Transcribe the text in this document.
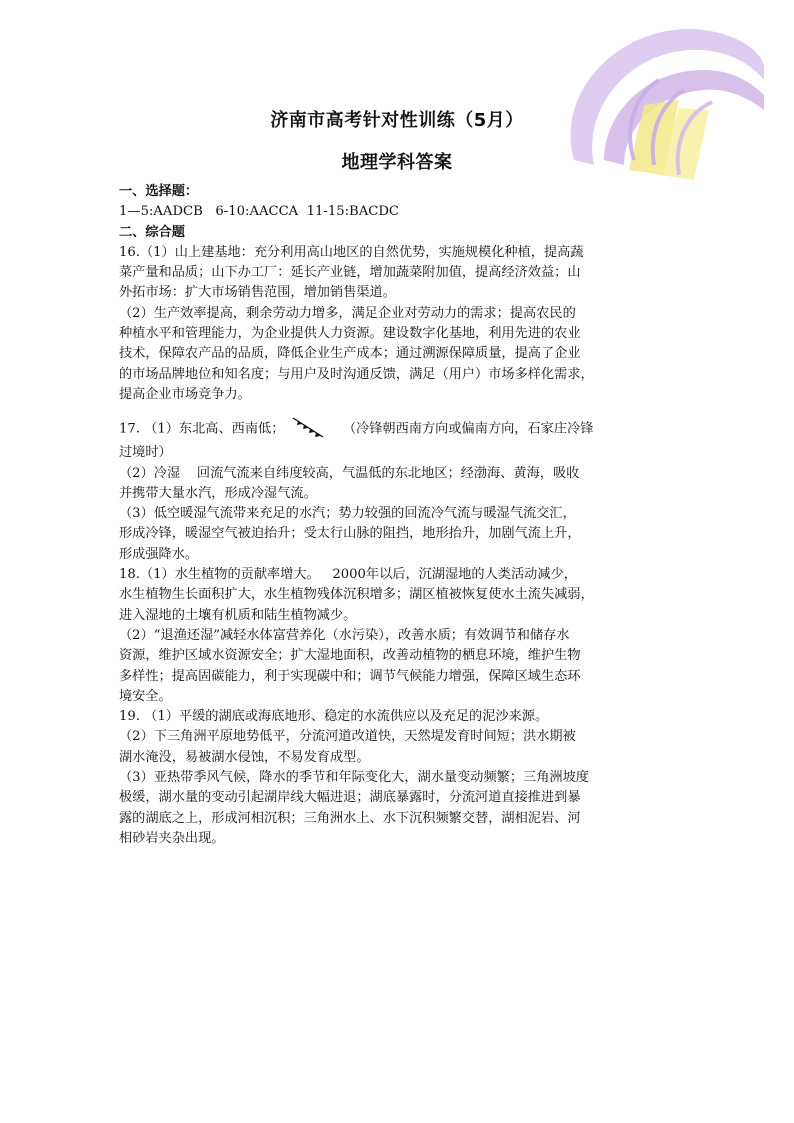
济南市高考针对性训练（5月）
地理学科答案
一、选择题：
1—5:AADCB   6-10:AACCA  11-15:BACDC
二、综合题
16.（1）山上建基地：充分利用高山地区的自然优势，实施规模化种植，提高蔬
菜产量和品质；山下办工厂：延长产业链，增加蔬菜附加值，提高经济效益；山
外拓市场：扩大市场销售范围，增加销售渠道。
（2）生产效率提高，剩余劳动力增多，满足企业对劳动力的需求；提高农民的
种植水平和管理能力，为企业提供人力资源。建设数字化基地，利用先进的农业
技术，保障农产品的品质，降低企业生产成本；通过溯源保障质量，提高了企业
的市场品牌地位和知名度；与用户及时沟通反馈，满足（用户）市场多样化需求，
提高企业市场竞争力。
17. （1）东北高、西南低；	（冷锋朝西南方向或偏南方向，石家庄冷锋
过境时）
（2）冷湿    回流气流来自纬度较高，气温低的东北地区；经渤海、黄海，吸收
并携带大量水汽，形成冷湿气流。
（3）低空暖湿气流带来充足的水汽；势力较强的回流冷气流与暖湿气流交汇，
形成冷锋，暖湿空气被迫抬升；受太行山脉的阻挡，地形抬升，加剧气流上升，
形成强降水。
18.（1）水生植物的贡献率增大。   2000年以后，沉湖湿地的人类活动减少，
水生植物生长面积扩大，水生植物残体沉积增多；湖区植被恢复使水土流失减弱，
进入湿地的土壤有机质和陆生植物减少。
（2）“退渔还湿”减轻水体富营养化（水污染），改善水质；有效调节和储存水
资源，维护区域水资源安全；扩大湿地面积，改善动植物的栖息环境，维护生物
多样性；提高固碳能力，利于实现碳中和；调节气候能力增强，保障区域生态环
境安全。
19. （1）平缓的湖底或海底地形、稳定的水流供应以及充足的泥沙来源。
（2）下三角洲平原地势低平，分流河道改道快，天然堤发育时间短；洪水期被
湖水淹没，易被湖水侵蚀，不易发育成型。
（3）亚热带季风气候，降水的季节和年际变化大，湖水量变动频繁；三角洲坡度
极缓，湖水量的变动引起湖岸线大幅进退；湖底暴露时，分流河道直接推进到暴
露的湖底之上，形成河相沉积；三角洲水上、水下沉积频繁交替，湖相泥岩、河
相砂岩夹杂出现。
